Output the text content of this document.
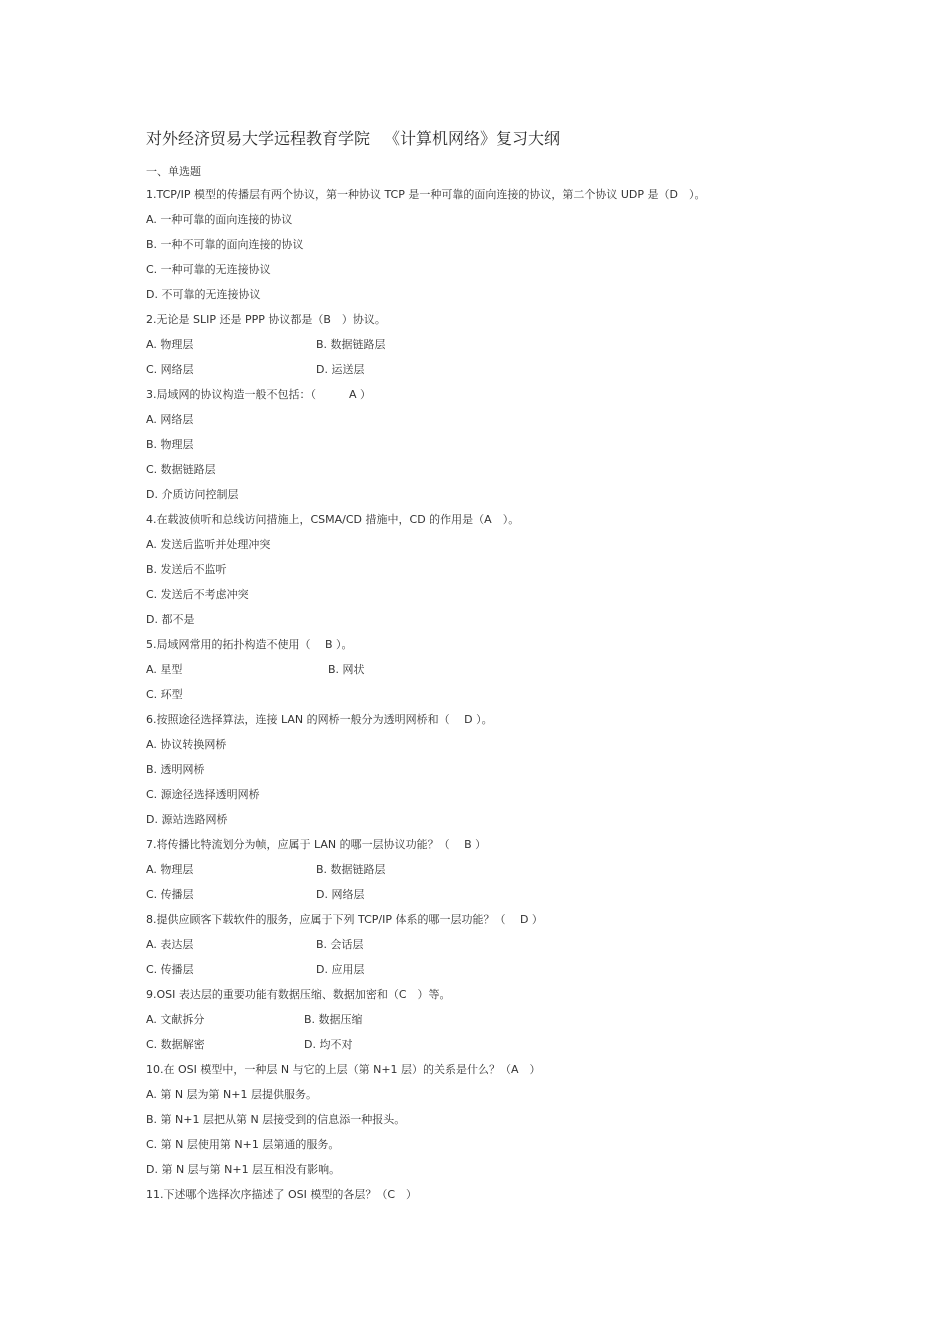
对外经济贸易大学远程教育学院 《计算机网络》复习大纲
一、单选题
1.TCP/IP 模型的传播层有两个协议，第一种协议 TCP 是一种可靠的面向连接的协议，第二个协议 UDP 是（D　）。
A. 一种可靠的面向连接的协议
B. 一种不可靠的面向连接的协议
C. 一种可靠的无连接协议
D. 不可靠的无连接协议
2.无论是 SLIP 还是 PPP 协议都是（B　）协议。
A. 物理层	B. 数据链路层
C. 网络层	D. 运送层
3.局域网的协议构造一般不包括：（　　　A ）
A. 网络层
B. 物理层
C. 数据链路层
D. 介质访问控制层
4.在载波侦听和总线访问措施上，CSMA/CD 措施中，CD 的作用是（A　）。
A. 发送后监听并处理冲突
B. 发送后不监听
C. 发送后不考虑冲突
D. 都不是
5.局域网常用的拓扑构造不使用（　 B ）。
A. 星型	B. 网状
C. 环型
6.按照途径选择算法，连接 LAN 的网桥一般分为透明网桥和（　 D ）。
A. 协议转换网桥
B. 透明网桥
C. 源途径选择透明网桥
D. 源站选路网桥
7.将传播比特流划分为帧，应属于 LAN 的哪一层协议功能？（　 B ）
A. 物理层	B. 数据链路层
C. 传播层	D. 网络层
8.提供应顾客下载软件的服务，应属于下列 TCP/IP 体系的哪一层功能？（　 D ）
A. 表达层	B. 会话层
C. 传播层	D. 应用层
9.OSI 表达层的重要功能有数据压缩、数据加密和（C　）等。
A. 文献拆分	B. 数据压缩
C. 数据解密	D. 均不对
10.在 OSI 模型中，一种层 N 与它的上层（第 N+1 层）的关系是什么？（A　）
A. 第 N 层为第 N+1 层提供服务。
B. 第 N+1 层把从第 N 层接受到的信息添一种报头。
C. 第 N 层使用第 N+1 层第通的服务。
D. 第 N 层与第 N+1 层互相没有影响。
11.下述哪个选择次序描述了 OSI 模型的各层？（C　）
